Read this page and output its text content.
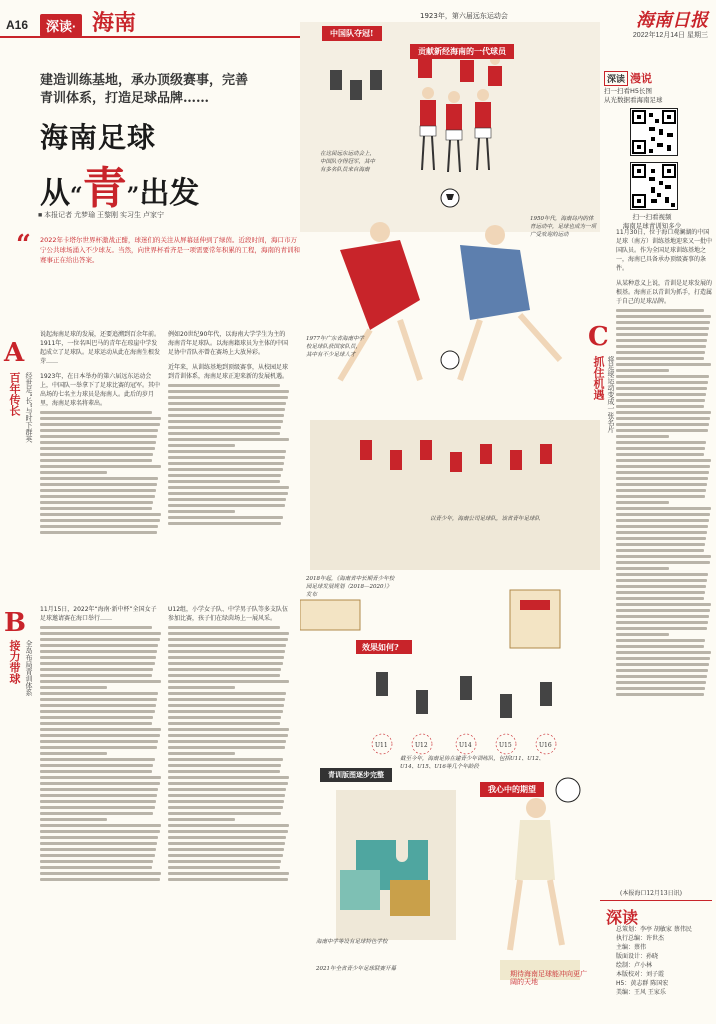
A16	深读· 海南	海南日报
2022年12月14日 星期三
建造训练基地，承办顶级赛事，完善青训体系，打造足球品牌……
海南足球
从“青”出发
■ 本报记者 尤梦瑜 王黎刚 实习生 卢家宁
“ 2022年卡塔尔世界杯激战正酣，球迷们的关注从屏幕延伸到了绿茵。近段时间，海口市万宁公共球场涌入不少球友。当然，向世界杯看齐是一项需要常年积累的工程，海南的青训和赛事正在给出答案。
A
百年传长 经世足“长”与时下群英
B
接力带球 全岛布局青训体系
C
抓住机遇 将足球运动变成一张名片
说起海南足球的发展，还要追溯到百余年前。1911年，一位名叫巴马的青年在琼崖中学发起成立了足球队。足球运动从此在海南生根发芽……
1923年，在日本举办的第六届远东运动会上，中国队一举拿下了足球比赛的冠军。其中出场的七名主力球员是海南人。此后的岁月里，海南足球名将辈出。
例如20世纪90年代，以海南大学学生为主的海南青年足球队。以海南籍球员为主体的中国足协中青队亦曾在赛场上大放异彩。
近年来，从训练基地到顶级赛事，从校园足球到青训体系，海南足球正迎来新的发展机遇。
11月15日，2022年“海南·新中杯”全国女子足球邀请赛在海口举行……
U12组，小学女子队、中学男子队等多支队伍参加比赛，孩子们在绿茵场上一展风采。
11月30日，位于海口观澜湖的中国足球（南方）训练基地迎来又一批中国队员。作为全国足球训练基地之一，海南已具备承办顶级赛事的条件。
从某种意义上说，青训是足球发展的根基。海南正以青训为抓手，打造属于自己的足球品牌。
1923年，第六届远东运动会
效果如何?
U11	U12	U14	U15	U16
中国队夺冠!
贡献新经海南的一代球员
在这届远东运动会上，中国队夺得冠军，其中有多名队员来自海南
1950年代，海南岛内的体育运动中，足球也成为一项广受欢迎的运动
1977年广东省海南中学校足球队获国家队员，其中有不少足球人才
以青少年，海南公司足球队，该省青年足球队
2018年起，《海南省中长期青少年校园足球发展规划（2018—2020）》发布
截至今年，海南足协在建青少年训练队，包括U11、U12、U14、U15、U16等几个年龄段
青训版图逐步完整
我心中的期望
海南中学等设有足球特色学校
2021年全省青少年足球联赛开幕
期待海南足球能冲向更广阔的天地
深读 漫说
扫一扫看H5长图
从光数据看海南足球
扫一扫看视频
海南足球青训知多少
深读
总策划：李亭 胡敏家 蔡伟民
执行总编：许世杰
主编：蔡伟
版面设计：孙晓
绘制：卢小林
本版校对：刘子霞
H5：黄志群 陈国宏
美编：王风 王家乐
(本报海口12月13日讯)
